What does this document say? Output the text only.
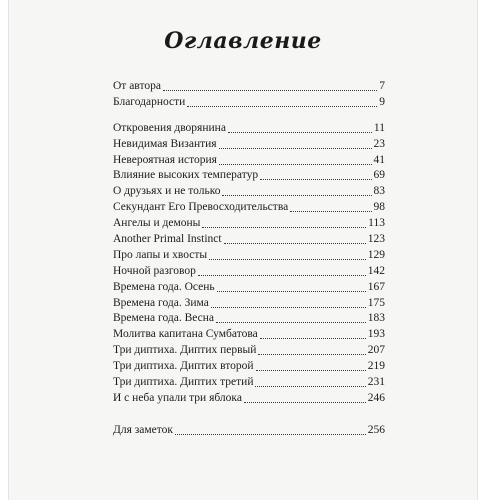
Оглавление
От автора	7
Благодарности	9
Откровения дворянина	11
Невидимая Византия	23
Невероятная история	41
Влияние высоких температур	69
О друзьях и не только	83
Секундант Его Превосходительства	98
Ангелы и демоны	113
Another Primal Instinct	123
Про лапы и хвосты	129
Ночной разговор	142
Времена года. Осень	167
Времена года. Зима	175
Времена года. Весна	183
Молитва капитана Сумбатова	193
Три диптиха. Диптих первый	207
Три диптиха. Диптих второй	219
Три диптиха. Диптих третий	231
И с неба упали три яблока	246
Для заметок	256
